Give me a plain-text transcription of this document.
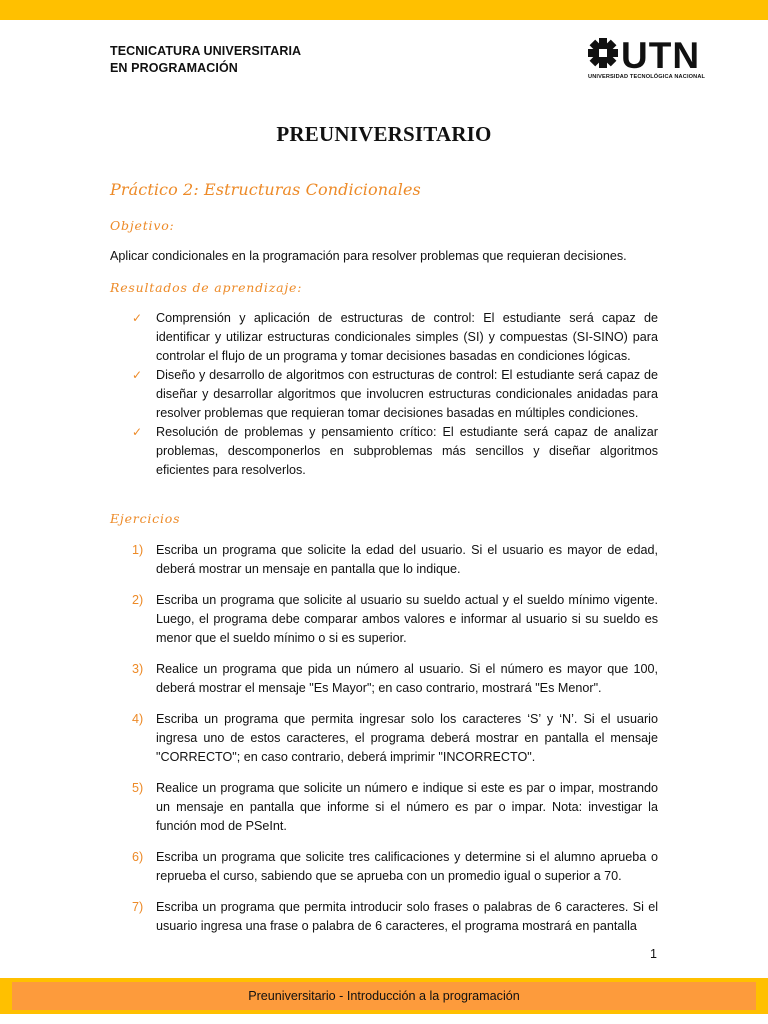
TECNICATURA UNIVERSITARIA
EN PROGRAMACIÓN	UTN
UNIVERSIDAD TECNOLÓGICA NACIONAL
PREUNIVERSITARIO
Práctico 2: Estructuras Condicionales
Objetivo:
Aplicar condicionales en la programación para resolver problemas que requieran decisiones.
Resultados de aprendizaje:
✓ Comprensión y aplicación de estructuras de control: El estudiante será capaz de identificar y utilizar estructuras condicionales simples (SI) y compuestas (SI-SINO) para controlar el flujo de un programa y tomar decisiones basadas en condiciones lógicas.
✓ Diseño y desarrollo de algoritmos con estructuras de control: El estudiante será capaz de diseñar y desarrollar algoritmos que involucren estructuras condicionales anidadas para resolver problemas que requieran tomar decisiones basadas en múltiples condiciones.
✓ Resolución de problemas y pensamiento crítico: El estudiante será capaz de analizar problemas, descomponerlos en subproblemas más sencillos y diseñar algoritmos eficientes para resolverlos.
Ejercicios
1) Escriba un programa que solicite la edad del usuario. Si el usuario es mayor de edad, deberá mostrar un mensaje en pantalla que lo indique.
2) Escriba un programa que solicite al usuario su sueldo actual y el sueldo mínimo vigente. Luego, el programa debe comparar ambos valores e informar al usuario si su sueldo es menor que el sueldo mínimo o si es superior.
3) Realice un programa que pida un número al usuario. Si el número es mayor que 100, deberá mostrar el mensaje "Es Mayor"; en caso contrario, mostrará "Es Menor".
4) Escriba un programa que permita ingresar solo los caracteres ‘S’ y ‘N’. Si el usuario ingresa uno de estos caracteres, el programa deberá mostrar en pantalla el mensaje "CORRECTO"; en caso contrario, deberá imprimir "INCORRECTO".
5) Realice un programa que solicite un número e indique si este es par o impar, mostrando un mensaje en pantalla que informe si el número es par o impar. Nota: investigar la función mod de PSeInt.
6) Escriba un programa que solicite tres calificaciones y determine si el alumno aprueba o reprueba el curso, sabiendo que se aprueba con un promedio igual o superior a 70.
7) Escriba un programa que permita introducir solo frases o palabras de 6 caracteres. Si el usuario ingresa una frase o palabra de 6 caracteres, el programa mostrará en pantalla
1
Preuniversitario - Introducción a la programación
